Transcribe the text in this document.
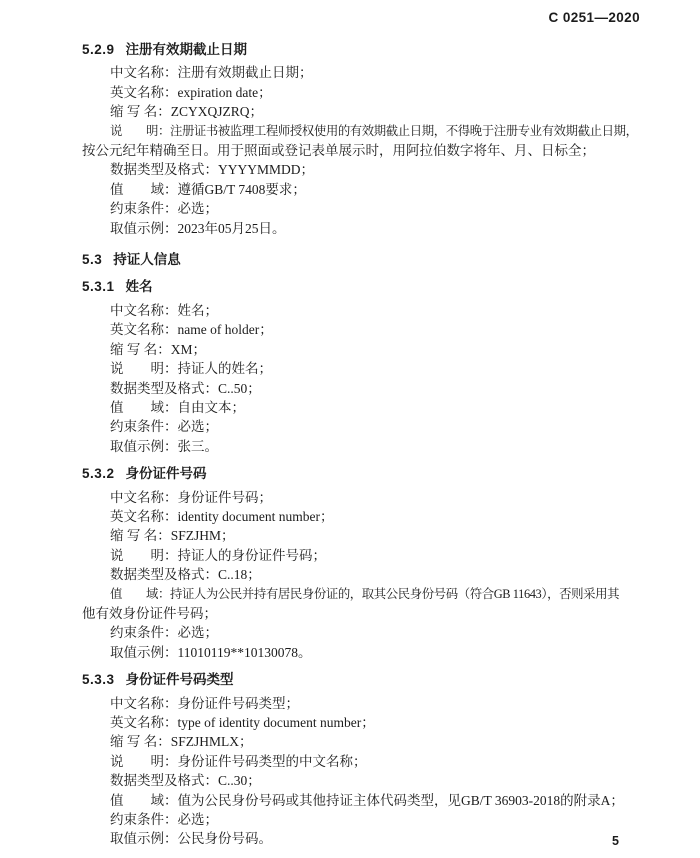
C 0251—2020
5.2.9 注册有效期截止日期
中文名称：注册有效期截止日期；
英文名称：expiration date；
缩 写 名：ZCYXQJZRQ；
说　　明：注册证书被监理工程师授权使用的有效期截止日期，不得晚于注册专业有效期截止日期，
按公元纪年精确至日。用于照面或登记表单展示时，用阿拉伯数字将年、月、日标全；
数据类型及格式：YYYYMMDD；
值　　域：遵循GB/T 7408要求；
约束条件：必选；
取值示例：2023年05月25日。
5.3 持证人信息
5.3.1 姓名
中文名称：姓名；
英文名称：name of holder；
缩 写 名：XM；
说　　明：持证人的姓名；
数据类型及格式：C..50；
值　　域：自由文本；
约束条件：必选；
取值示例：张三。
5.3.2 身份证件号码
中文名称：身份证件号码；
英文名称：identity document number；
缩 写 名：SFZJHM；
说　　明：持证人的身份证件号码；
数据类型及格式：C..18；
值　　域：持证人为公民并持有居民身份证的，取其公民身份号码（符合GB 11643），否则采用其
他有效身份证件号码；
约束条件：必选；
取值示例：11010119**10130078。
5.3.3 身份证件号码类型
中文名称：身份证件号码类型；
英文名称：type of identity document number；
缩 写 名：SFZJHMLX；
说　　明：身份证件号码类型的中文名称；
数据类型及格式：C..30；
值　　域：值为公民身份号码或其他持证主体代码类型，见GB/T 36903-2018的附录A；
约束条件：必选；
取值示例：公民身份号码。	5
